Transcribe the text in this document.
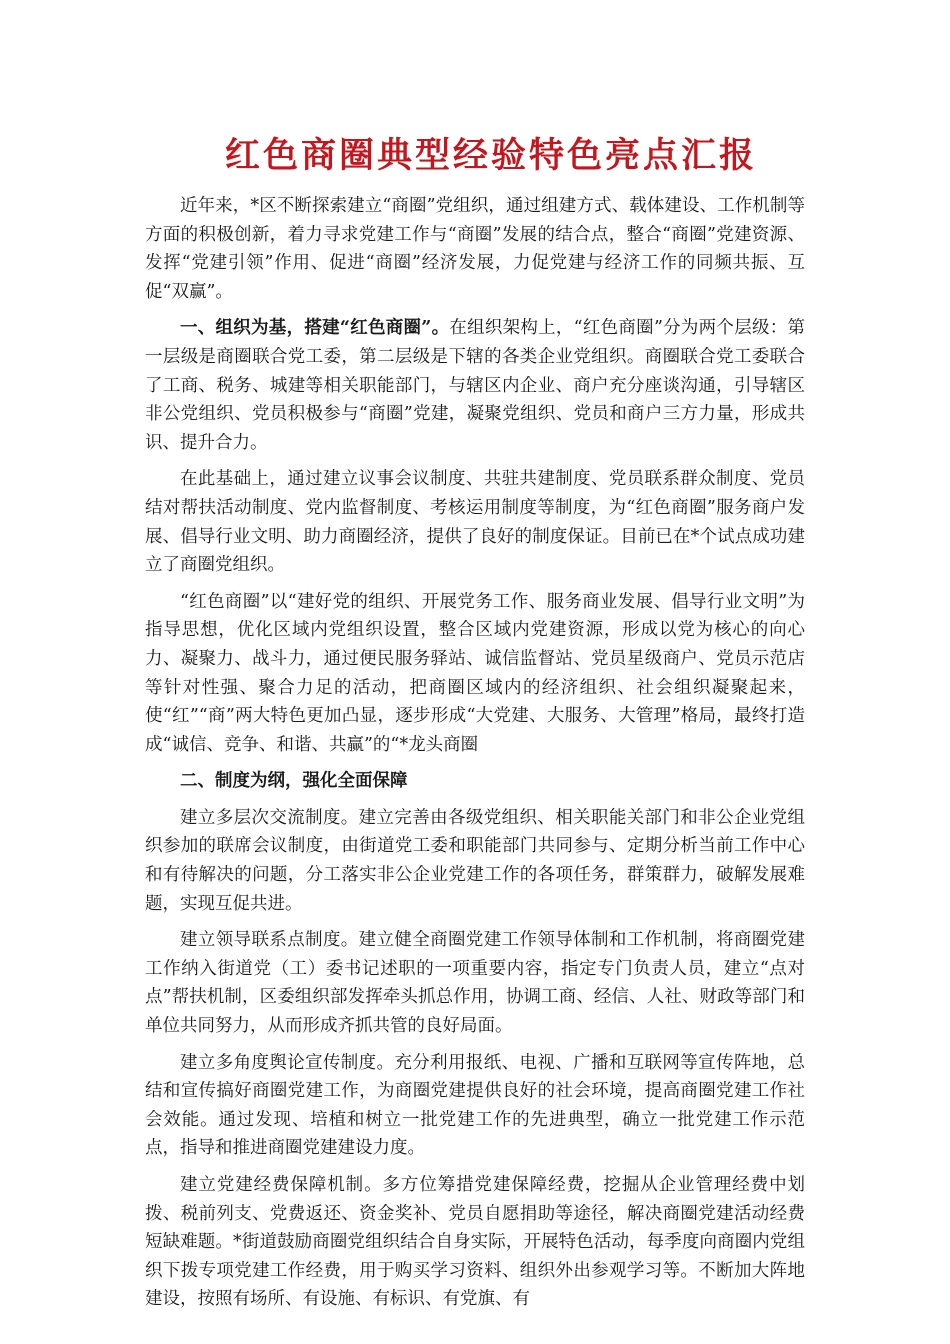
红色商圈典型经验特色亮点汇报

近年来，*区不断探索建立“商圈”党组织，通过组建方式、载体建设、工作机制等方面的积极创新，着力寻求党建工作与“商圈”发展的结合点，整合“商圈”党建资源、发挥“党建引领”作用、促进“商圈”经济发展，力促党建与经济工作的同频共振、互促“双赢”。

一、组织为基，搭建“红色商圈”。在组织架构上，“红色商圈”分为两个层级：第一层级是商圈联合党工委，第二层级是下辖的各类企业党组织。商圈联合党工委联合了工商、税务、城建等相关职能部门，与辖区内企业、商户充分座谈沟通，引导辖区非公党组织、党员积极参与“商圈”党建，凝聚党组织、党员和商户三方力量，形成共识、提升合力。

在此基础上，通过建立议事会议制度、共驻共建制度、党员联系群众制度、党员结对帮扶活动制度、党内监督制度、考核运用制度等制度，为“红色商圈”服务商户发展、倡导行业文明、助力商圈经济，提供了良好的制度保证。目前已在*个试点成功建立了商圈党组织。

“红色商圈”以“建好党的组织、开展党务工作、服务商业发展、倡导行业文明”为指导思想，优化区域内党组织设置，整合区域内党建资源，形成以党为核心的向心力、凝聚力、战斗力，通过便民服务驿站、诚信监督站、党员星级商户、党员示范店等针对性强、聚合力足的活动，把商圈区域内的经济组织、社会组织凝聚起来，使“红”“商”两大特色更加凸显，逐步形成“大党建、大服务、大管理”格局，最终打造成“诚信、竞争、和谐、共赢”的“*龙头商圈

二、制度为纲，强化全面保障

建立多层次交流制度。建立完善由各级党组织、相关职能关部门和非公企业党组织参加的联席会议制度，由街道党工委和职能部门共同参与、定期分析当前工作中心和有待解决的问题，分工落实非公企业党建工作的各项任务，群策群力，破解发展难题，实现互促共进。

建立领导联系点制度。建立健全商圈党建工作领导体制和工作机制，将商圈党建工作纳入街道党（工）委书记述职的一项重要内容，指定专门负责人员，建立“点对点”帮扶机制，区委组织部发挥牵头抓总作用，协调工商、经信、人社、财政等部门和单位共同努力，从而形成齐抓共管的良好局面。

建立多角度舆论宣传制度。充分利用报纸、电视、广播和互联网等宣传阵地，总结和宣传搞好商圈党建工作，为商圈党建提供良好的社会环境，提高商圈党建工作社会效能。通过发现、培植和树立一批党建工作的先进典型，确立一批党建工作示范点，指导和推进商圈党建建设力度。

建立党建经费保障机制。多方位筹措党建保障经费，挖掘从企业管理经费中划拨、税前列支、党费返还、资金奖补、党员自愿捐助等途径，解决商圈党建活动经费短缺难题。*街道鼓励商圈党组织结合自身实际，开展特色活动，每季度向商圈内党组织下拨专项党建工作经费，用于购买学习资料、组织外出参观学习等。不断加大阵地建设，按照有场所、有设施、有标识、有党旗、有
